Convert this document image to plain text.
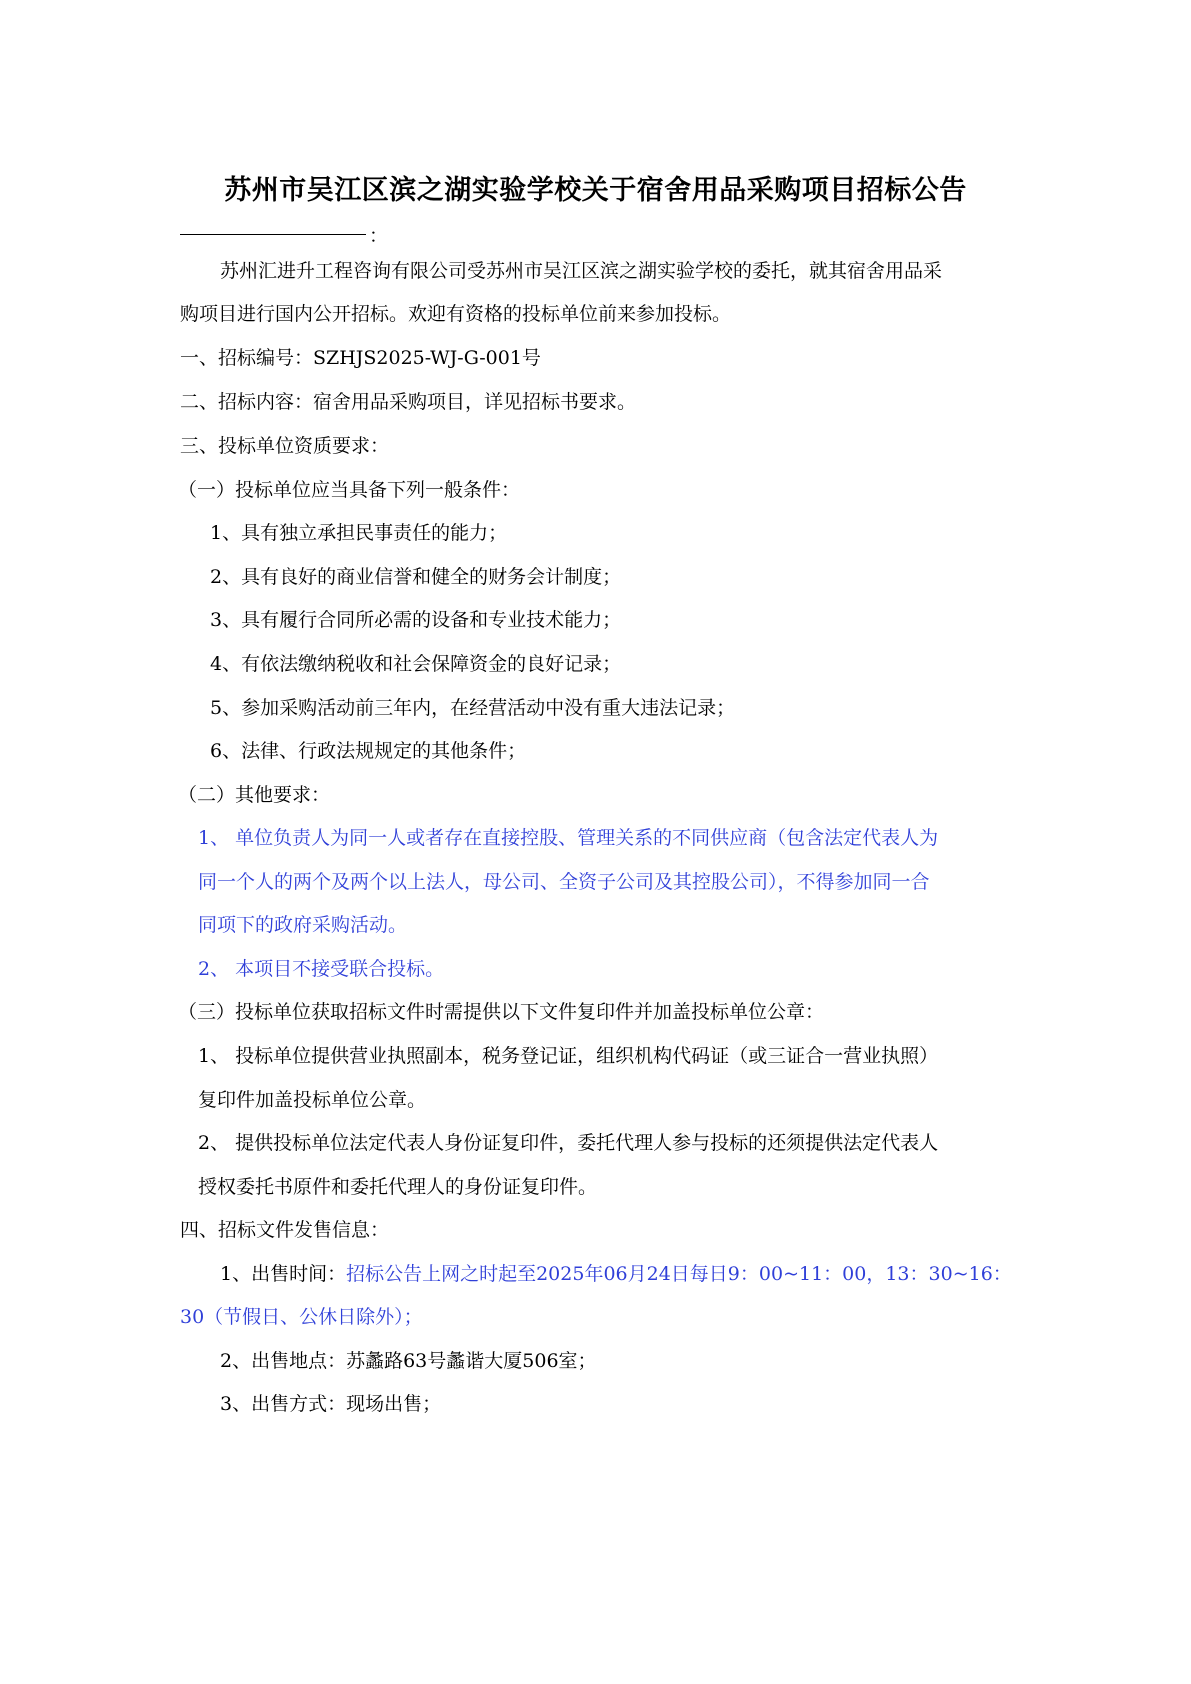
苏州市吴江区滨之湖实验学校关于宿舍用品采购项目招标公告
：
苏州汇进升工程咨询有限公司受苏州市吴江区滨之湖实验学校的委托，就其宿舍用品采
购项目进行国内公开招标。欢迎有资格的投标单位前来参加投标。
一、招标编号：SZHJS2025-WJ-G-001号
二、招标内容：宿舍用品采购项目，详见招标书要求。
三、投标单位资质要求：
（一）投标单位应当具备下列一般条件：
1、具有独立承担民事责任的能力；
2、具有良好的商业信誉和健全的财务会计制度；
3、具有履行合同所必需的设备和专业技术能力；
4、有依法缴纳税收和社会保障资金的良好记录；
5、参加采购活动前三年内，在经营活动中没有重大违法记录；
6、法律、行政法规规定的其他条件；
（二）其他要求：
1、 单位负责人为同一人或者存在直接控股、管理关系的不同供应商（包含法定代表人为
同一个人的两个及两个以上法人，母公司、全资子公司及其控股公司），不得参加同一合
同项下的政府采购活动。
2、 本项目不接受联合投标。
（三）投标单位获取招标文件时需提供以下文件复印件并加盖投标单位公章：
1、 投标单位提供营业执照副本，税务登记证，组织机构代码证（或三证合一营业执照）
复印件加盖投标单位公章。
2、 提供投标单位法定代表人身份证复印件，委托代理人参与投标的还须提供法定代表人
授权委托书原件和委托代理人的身份证复印件。
四、招标文件发售信息：
1、出售时间：招标公告上网之时起至2025年06月24日每日9：00~11：00，13：30~16：
30（节假日、公休日除外）；
2、出售地点：苏蠡路63号蠡谐大厦506室；
3、出售方式：现场出售；
